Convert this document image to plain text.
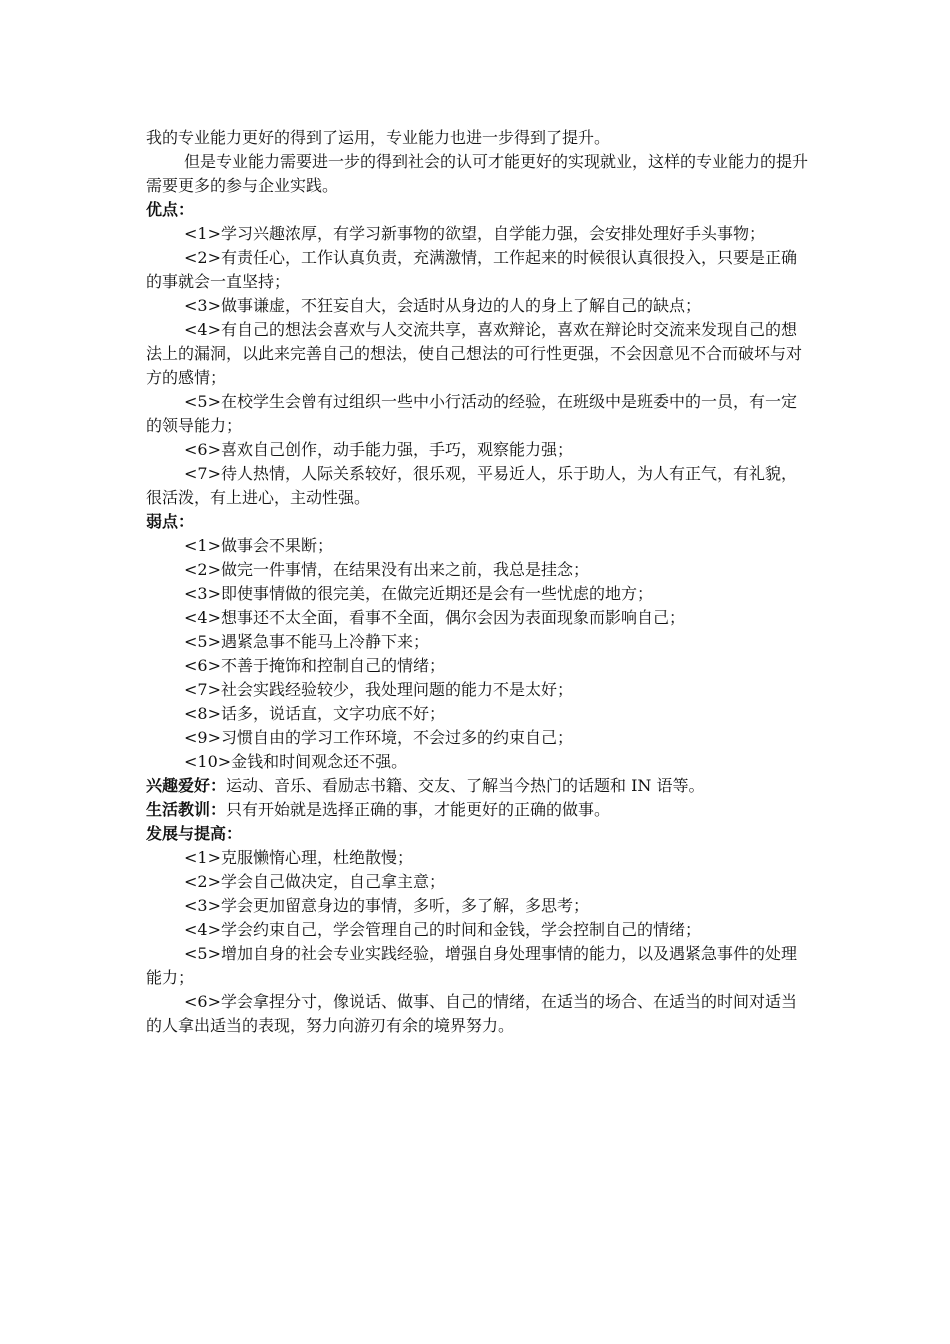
我的专业能力更好的得到了运用，专业能力也进一步得到了提升。

但是专业能力需要进一步的得到社会的认可才能更好的实现就业，这样的专业能力的提升需要更多的参与企业实践。

优点：

<1>学习兴趣浓厚，有学习新事物的欲望，自学能力强，会安排处理好手头事物；

<2>有责任心，工作认真负责，充满激情，工作起来的时候很认真很投入，只要是正确的事就会一直坚持；

<3>做事谦虚，不狂妄自大，会适时从身边的人的身上了解自己的缺点；

<4>有自己的想法会喜欢与人交流共享，喜欢辩论，喜欢在辩论时交流来发现自己的想法上的漏洞，以此来完善自己的想法，使自己想法的可行性更强，不会因意见不合而破坏与对方的感情；

<5>在校学生会曾有过组织一些中小行活动的经验，在班级中是班委中的一员，有一定的领导能力；

<6>喜欢自己创作，动手能力强，手巧，观察能力强；

<7>待人热情，人际关系较好，很乐观，平易近人，乐于助人，为人有正气，有礼貌，很活泼，有上进心，主动性强。

弱点：

<1>做事会不果断；

<2>做完一件事情，在结果没有出来之前，我总是挂念；

<3>即使事情做的很完美，在做完近期还是会有一些忧虑的地方；

<4>想事还不太全面，看事不全面，偶尔会因为表面现象而影响自己；

<5>遇紧急事不能马上冷静下来；

<6>不善于掩饰和控制自己的情绪；

<7>社会实践经验较少，我处理问题的能力不是太好；

<8>话多，说话直，文字功底不好；

<9>习惯自由的学习工作环境，不会过多的约束自己；

<10>金钱和时间观念还不强。

兴趣爱好：运动、音乐、看励志书籍、交友、了解当今热门的话题和 IN 语等。

生活教训：只有开始就是选择正确的事，才能更好的正确的做事。

发展与提高：

<1>克服懒惰心理，杜绝散慢；

<2>学会自己做决定，自己拿主意；

<3>学会更加留意身边的事情，多听，多了解，多思考；

<4>学会约束自己，学会管理自己的时间和金钱，学会控制自己的情绪；

<5>增加自身的社会专业实践经验，增强自身处理事情的能力，以及遇紧急事件的处理能力；

<6>学会拿捏分寸，像说话、做事、自己的情绪，在适当的场合、在适当的时间对适当的人拿出适当的表现，努力向游刃有余的境界努力。
